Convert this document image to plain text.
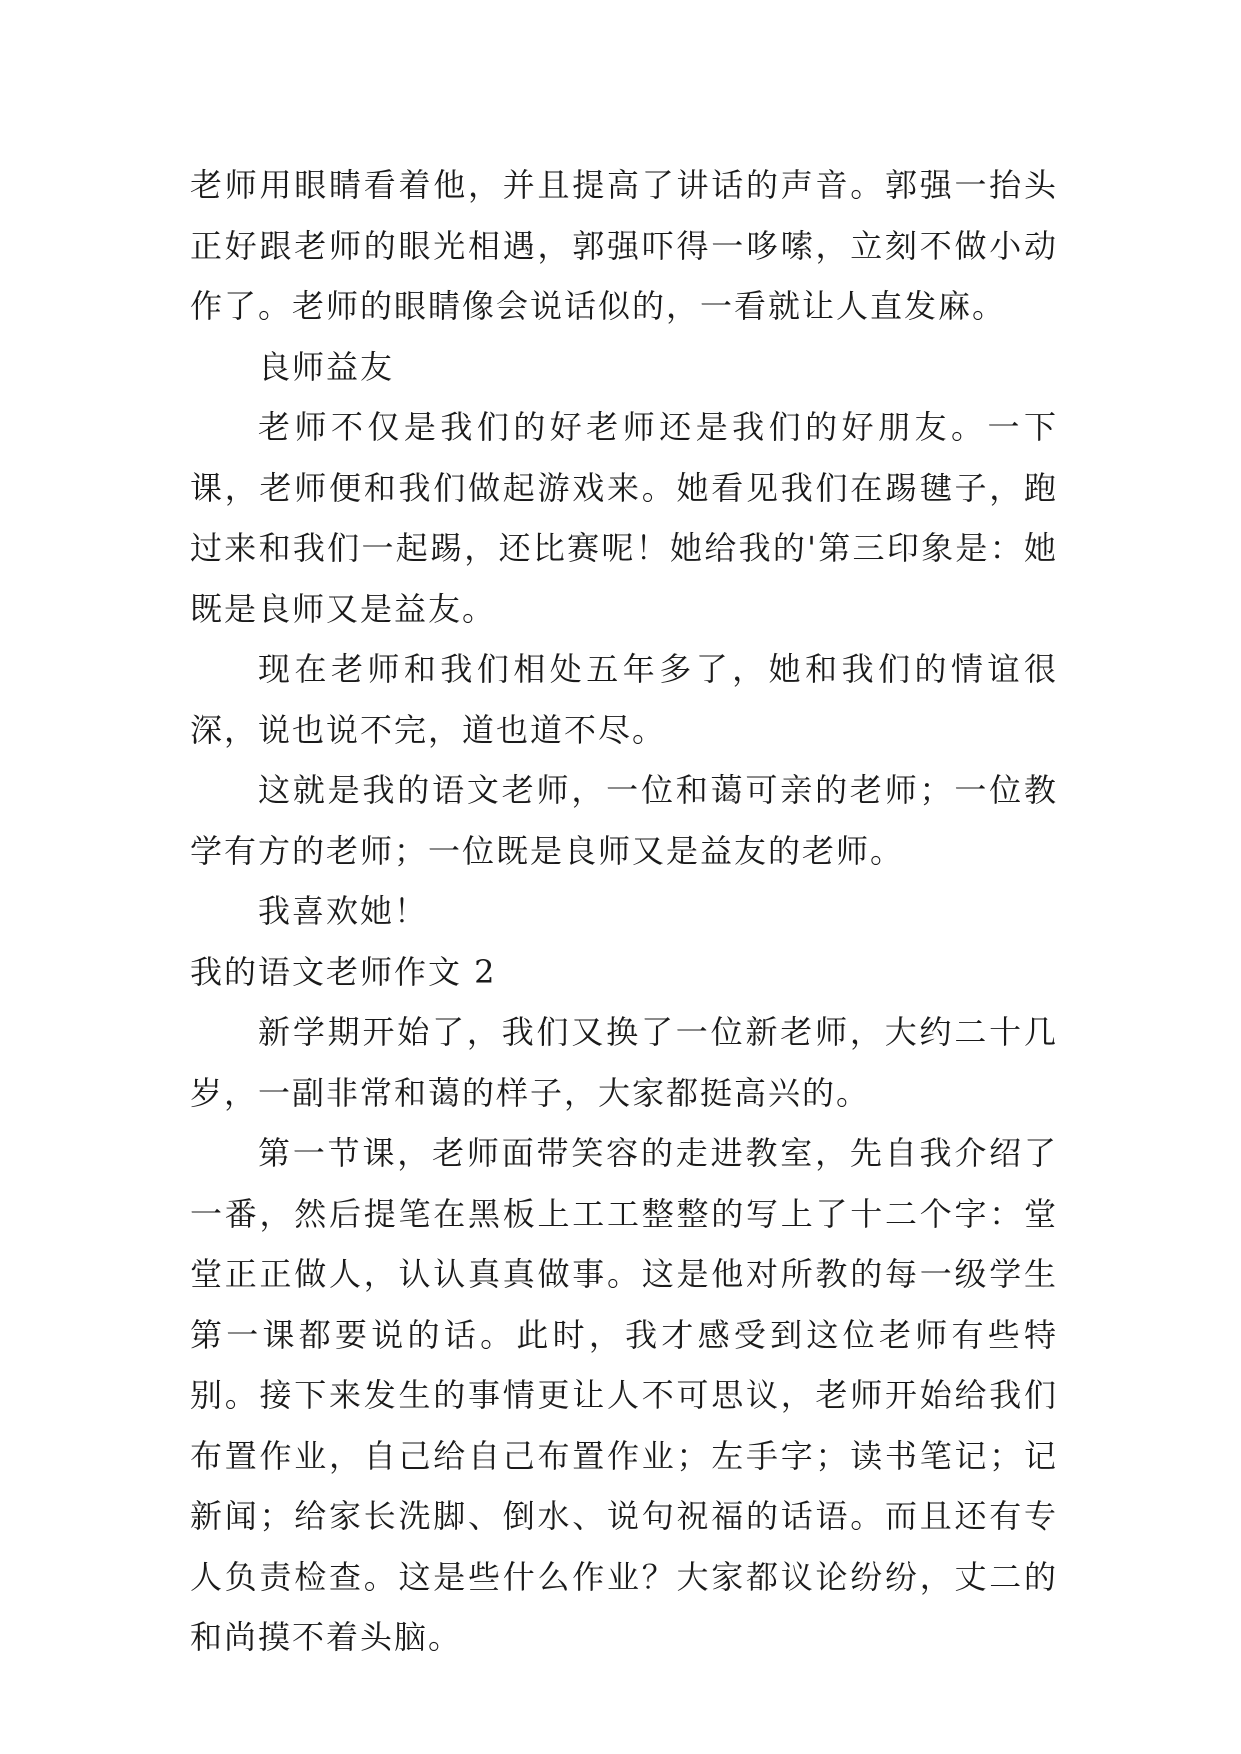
老师用眼睛看着他，并且提高了讲话的声音。郭强一抬头正好跟老师的眼光相遇，郭强吓得一哆嗦，立刻不做小动作了。老师的眼睛像会说话似的，一看就让人直发麻。

良师益友

老师不仅是我们的好老师还是我们的好朋友。一下课，老师便和我们做起游戏来。她看见我们在踢毽子，跑过来和我们一起踢，还比赛呢！她给我的'第三印象是：她既是良师又是益友。

现在老师和我们相处五年多了，她和我们的情谊很深，说也说不完，道也道不尽。

这就是我的语文老师，一位和蔼可亲的老师；一位教学有方的老师；一位既是良师又是益友的老师。

我喜欢她！

我的语文老师作文 2

新学期开始了，我们又换了一位新老师，大约二十几岁，一副非常和蔼的样子，大家都挺高兴的。

第一节课，老师面带笑容的走进教室，先自我介绍了一番，然后提笔在黑板上工工整整的写上了十二个字：堂堂正正做人，认认真真做事。这是他对所教的每一级学生第一课都要说的话。此时，我才感受到这位老师有些特别。接下来发生的事情更让人不可思议，老师开始给我们布置作业，自己给自己布置作业；左手字；读书笔记；记新闻；给家长洗脚、倒水、说句祝福的话语。而且还有专人负责检查。这是些什么作业？大家都议论纷纷，丈二的和尚摸不着头脑。
